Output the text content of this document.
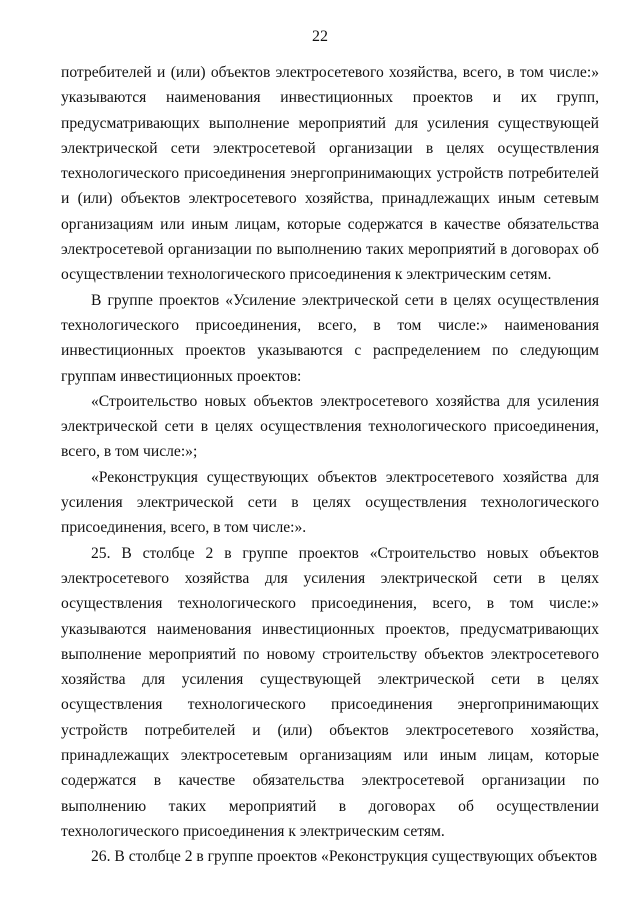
22

потребителей и (или) объектов электросетевого хозяйства, всего, в том числе:» указываются наименования инвестиционных проектов и их групп, предусматривающих выполнение мероприятий для усиления существующей электрической сети электросетевой организации в целях осуществления технологического присоединения энергопринимающих устройств потребителей и (или) объектов электросетевого хозяйства, принадлежащих иным сетевым организациям или иным лицам, которые содержатся в качестве обязательства электросетевой организации по выполнению таких мероприятий в договорах об осуществлении технологического присоединения к электрическим сетям.

В группе проектов «Усиление электрической сети в целях осуществления технологического присоединения, всего, в том числе:» наименования инвестиционных проектов указываются с распределением по следующим группам инвестиционных проектов:

«Строительство новых объектов электросетевого хозяйства для усиления электрической сети в целях осуществления технологического присоединения, всего, в том числе:»;

«Реконструкция существующих объектов электросетевого хозяйства для усиления электрической сети в целях осуществления технологического присоединения, всего, в том числе:».

25. В столбце 2 в группе проектов «Строительство новых объектов электросетевого хозяйства для усиления электрической сети в целях осуществления технологического присоединения, всего, в том числе:» указываются наименования инвестиционных проектов, предусматривающих выполнение мероприятий по новому строительству объектов электросетевого хозяйства для усиления существующей электрической сети в целях осуществления технологического присоединения энергопринимающих устройств потребителей и (или) объектов электросетевого хозяйства, принадлежащих электросетевым организациям или иным лицам, которые содержатся в качестве обязательства электросетевой организации по выполнению таких мероприятий в договорах об осуществлении технологического присоединения к электрическим сетям.

26. В столбце 2 в группе проектов «Реконструкция существующих объектов
